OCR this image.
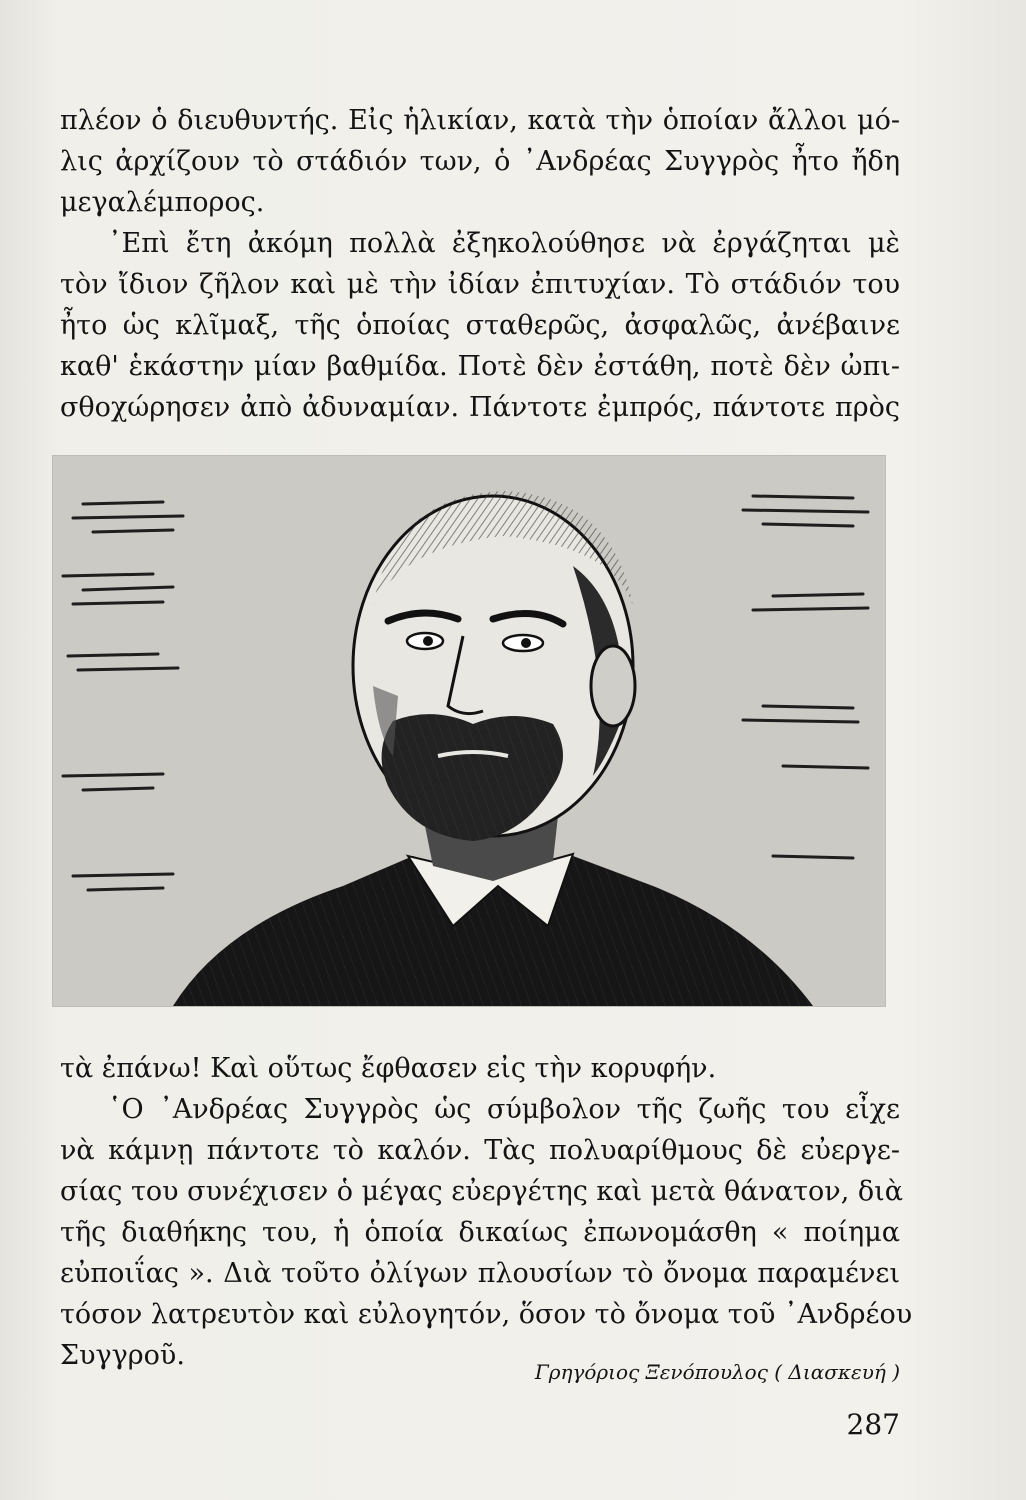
πλέον ὁ διευθυντής. Εἰς ἡλικίαν, κατὰ τὴν ὁποίαν ἄλλοι μό-
λις ἀρχίζουν τὸ στάδιόν των, ὁ ᾿Ανδρέας Συγγρὸς ἦτο ἤδη
μεγαλέμπορος.

᾿Επὶ ἔτη ἀκόμη πολλὰ ἐξηκολούθησε νὰ ἐργάζηται μὲ
τὸν ἴδιον ζῆλον καὶ μὲ τὴν ἰδίαν ἐπιτυχίαν. Τὸ στάδιόν του
ἦτο ὡς κλῖμαξ, τῆς ὁποίας σταθερῶς, ἀσφαλῶς, ἀνέβαινε
καθ' ἑκάστην μίαν βαθμίδα. Ποτὲ δὲν ἐστάθη, ποτὲ δὲν ὠπι-
σθοχώρησεν ἀπὸ ἀδυναμίαν. Πάντοτε ἐμπρός, πάντοτε πρὸς

τὰ ἐπάνω! Καὶ οὕτως ἔφθασεν εἰς τὴν κορυφήν.

῾Ο ᾿Ανδρέας Συγγρὸς ὡς σύμβολον τῆς ζωῆς του εἶχε
νὰ κάμνῃ πάντοτε τὸ καλόν. Τὰς πολυαρίθμους δὲ εὐεργε-
σίας του συνέχισεν ὁ μέγας εὐεργέτης καὶ μετὰ θάνατον, διὰ
τῆς διαθήκης του, ἡ ὁποία δικαίως ἐπωνομάσθη « ποίημα
εὐποιΐας ». Διὰ τοῦτο ὀλίγων πλουσίων τὸ ὄνομα παραμένει
τόσον λατρευτὸν καὶ εὐλογητόν, ὅσον τὸ ὄνομα τοῦ ᾿Ανδρέου
Συγγροῦ.

Γρηγόριος Ξενόπουλος ( Διασκευή )
287
